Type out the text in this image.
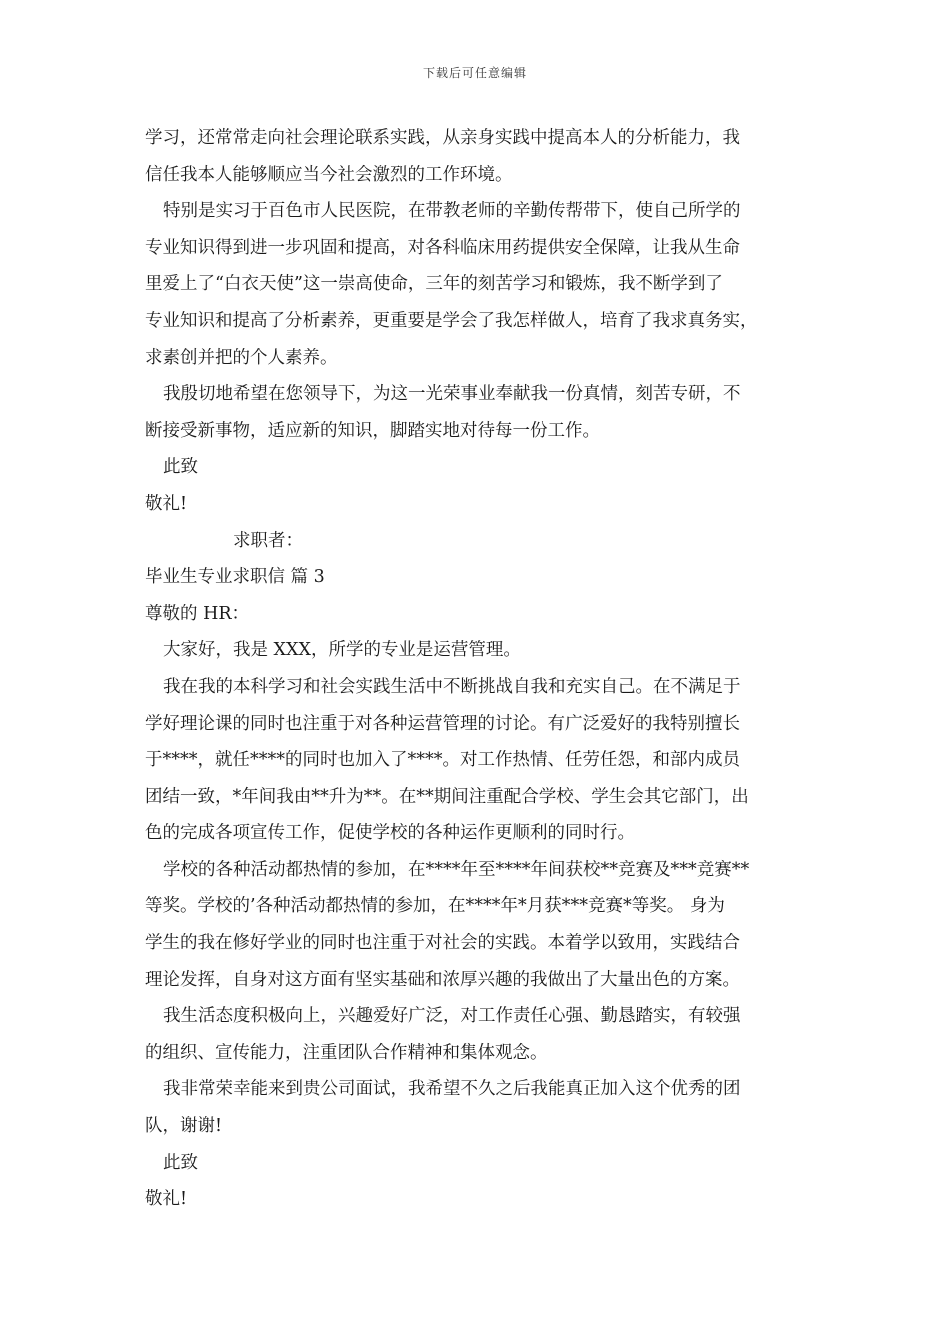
下载后可任意编辑
学习，还常常走向社会理论联系实践，从亲身实践中提高本人的分析能力，我
信任我本人能够顺应当今社会激烈的工作环境。
特别是实习于百色市人民医院，在带教老师的辛勤传帮带下，使自己所学的
专业知识得到进一步巩固和提高，对各科临床用药提供安全保障，让我从生命
里爱上了“白衣天使”这一崇高使命，三年的刻苦学习和锻炼，我不断学到了
专业知识和提高了分析素养，更重要是学会了我怎样做人，培育了我求真务实，
求素创并把的个人素养。
我殷切地希望在您领导下，为这一光荣事业奉献我一份真情，刻苦专研，不
断接受新事物，适应新的知识，脚踏实地对待每一份工作。
此致
敬礼!
求职者：
毕业生专业求职信 篇 3
尊敬的 HR：
大家好，我是 XXX，所学的专业是运营管理。
我在我的本科学习和社会实践生活中不断挑战自我和充实自己。在不满足于
学好理论课的同时也注重于对各种运营管理的讨论。有广泛爱好的我特别擅长
于****，就任****的同时也加入了****。对工作热情、任劳任怨，和部内成员
团结一致，*年间我由**升为**。在**期间注重配合学校、学生会其它部门，出
色的完成各项宣传工作，促使学校的各种运作更顺利的同时行。
学校的各种活动都热情的参加，在****年至****年间获校**竞赛及***竞赛**
等奖。学校的’各种活动都热情的参加，在****年*月获***竞赛*等奖。 身为
学生的我在修好学业的同时也注重于对社会的实践。本着学以致用，实践结合
理论发挥，自身对这方面有坚实基础和浓厚兴趣的我做出了大量出色的方案。
我生活态度积极向上，兴趣爱好广泛，对工作责任心强、勤恳踏实，有较强
的组织、宣传能力，注重团队合作精神和集体观念。
我非常荣幸能来到贵公司面试，我希望不久之后我能真正加入这个优秀的团
队，谢谢!
此致
敬礼!
